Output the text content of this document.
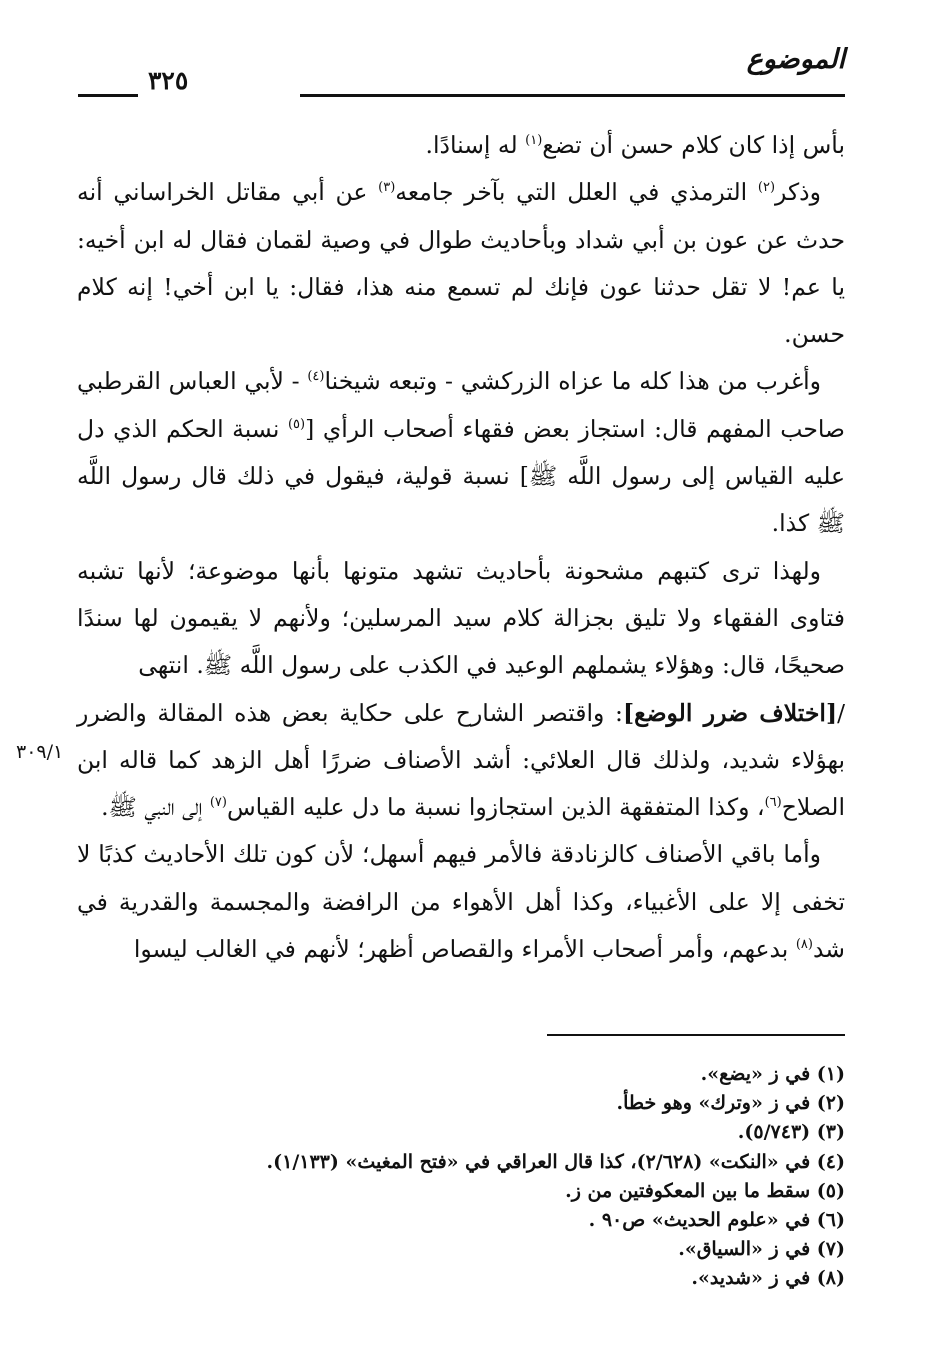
الموضوع
٣٢٥
٣٠٩/١

بأس إذا كان كلام حسن أن تضع$^{(١)}$ له إسنادًا.

وذكر$^{(٢)}$ الترمذي في العلل التي بآخر جامعه$^{(٣)}$ عن أبي مقاتل الخراساني أنه حدث عن عون بن أبي شداد وبأحاديث طوال في وصية لقمان فقال له ابن أخيه: يا عم! لا تقل حدثنا عون فإنك لم تسمع منه هذا، فقال: يا ابن أخي! إنه كلام حسن.

وأغرب من هذا كله ما عزاه الزركشي - وتبعه شيخنا$^{(٤)}$ - لأبي العباس القرطبي صاحب المفهم قال: استجاز بعض فقهاء أصحاب الرأي [$^{(٥)}$ نسبة الحكم الذي دل عليه القياس إلى رسول اللَّه ﷺ] نسبة قولية، فيقول في ذلك قال رسول اللَّه ﷺ كذا.

ولهذا ترى كتبهم مشحونة بأحاديث تشهد متونها بأنها موضوعة؛ لأنها تشبه فتاوى الفقهاء ولا تليق بجزالة كلام سيد المرسلين؛ ولأنهم لا يقيمون لها سندًا صحيحًا، قال: وهؤلاء يشملهم الوعيد في الكذب على رسول اللَّه ﷺ. انتهى

/[اختلاف ضرر الوضع]: واقتصر الشارح على حكاية بعض هذه المقالة والضرر بهؤلاء شديد، ولذلك قال العلائي: أشد الأصناف ضررًا أهل الزهد كما قاله ابن الصلاح$^{(٦)}$، وكذا المتفقهة الذين استجازوا نسبة ما دل عليه القياس$^{(٧)}$ إلى النبي ﷺ.

وأما باقي الأصناف كالزنادقة فالأمر فيهم أسهل؛ لأن كون تلك الأحاديث كذبًا لا تخفى إلا على الأغبياء، وكذا أهل الأهواء من الرافضة والمجسمة والقدرية في شد$^{(٨)}$ بدعهم، وأمر أصحاب الأمراء والقصاص أظهر؛ لأنهم في الغالب ليسوا

(١) في ز «يضع».
(٢) في ز «وترك» وهو خطأ.
(٣) (٥/٧٤٣).
(٤) في «النكت» (٢/٦٢٨)، كذا قال العراقي في «فتح المغيث» (١/١٣٣).
(٥) سقط ما بين المعكوفتين من ز.
(٦) في «علوم الحديث» ص٩٠ .
(٧) في ز «السياق».
(٨) في ز «شديد».
